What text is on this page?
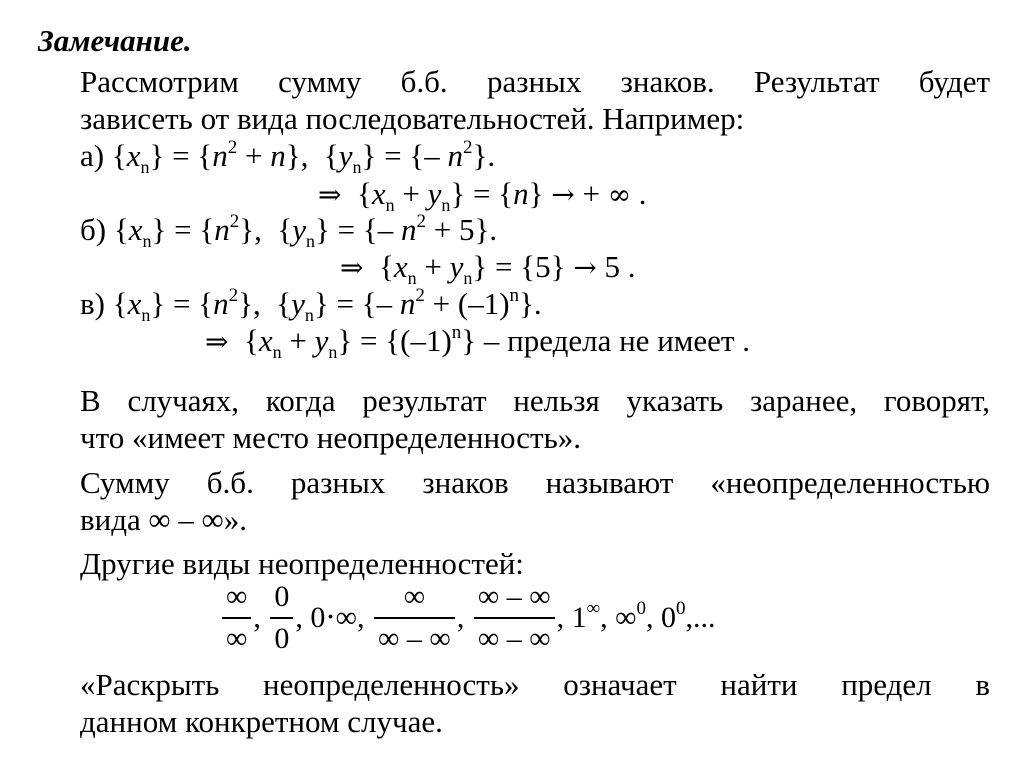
Замечание.
Рассмотрим сумму б.б. разных знаков. Результат будет
зависеть от вида последовательностей. Например:
а) $\{x_n\} = \{n^2 + n\}$,  $\{y_n\}$ = {– $n^2$}.
⇒  $\{x_n + y_n\} = \{n\}$ → + ∞ .
б) $\{x_n\} = \{n^2\}$,  $\{y_n\}$ = {– $n^2 + 5$}.
⇒  $\{x_n + y_n\} = \{5\} \to 5$ .
в) $\{x_n\} = \{n^2\}$,  $\{y_n\}$ = {– $n^2 + (-1)^n$}.
⇒  $\{x_n + y_n\} = \{(-1)^n\}$ – предела не имеет .
В случаях, когда результат нельзя указать заранее, говорят,
что «имеет место неопределенность».
Сумму б.б. разных знаков называют «неопределенностью
вида ∞ – ∞».
Другие виды неопределенностей:
$\frac{\infty}{\infty}$ , $\frac{0}{0}$ , 0⋅∞, $\frac{\infty}{\infty - \infty}$ , $\frac{\infty - \infty}{\infty - \infty}$ , 1∞, ∞$^0$, $0^0$,...
«Раскрыть неопределенность» означает найти предел в
данном конкретном случае.
